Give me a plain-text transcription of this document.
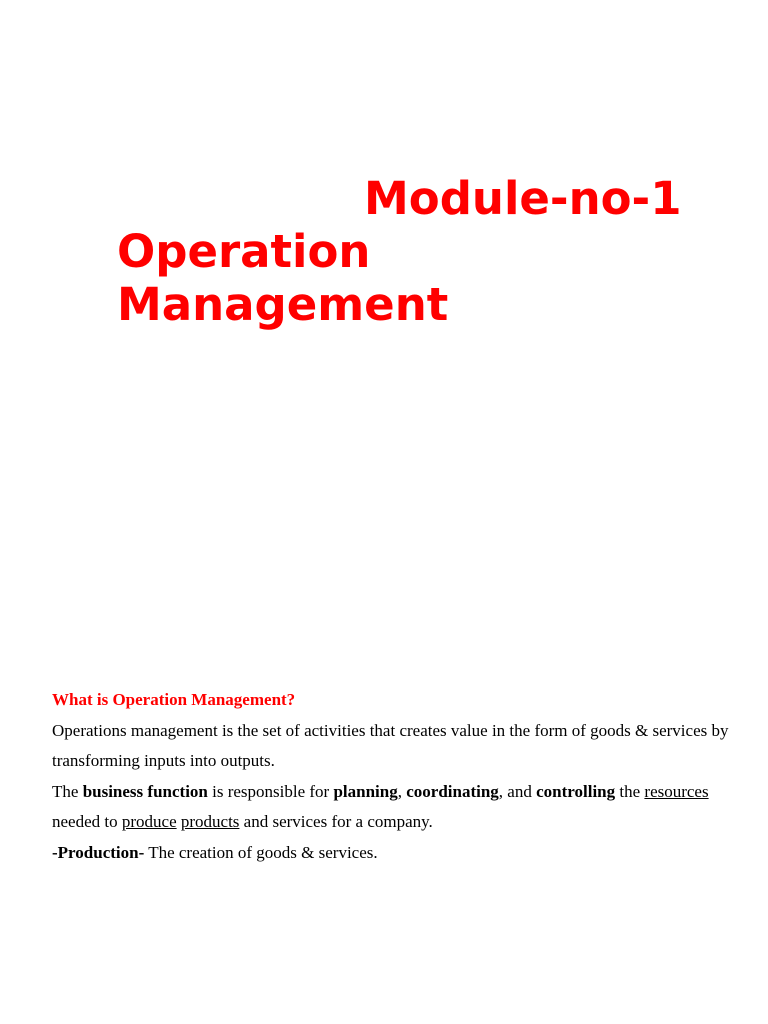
Module-no-1
Operation
Management

What is Operation Management?

Operations management is the set of activities that creates value in the form of goods & services by transforming inputs into outputs.

The business function is responsible for planning, coordinating, and controlling the resources needed to produce products and services for a company.

-Production- The creation of goods & services.
